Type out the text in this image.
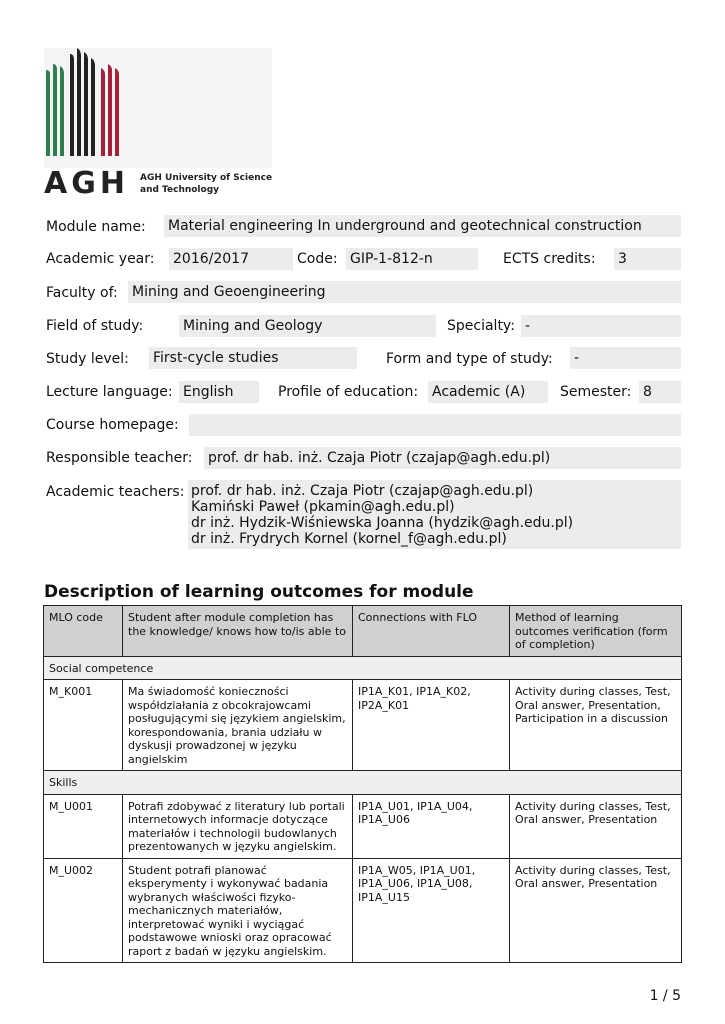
AGH AGH University of Science
and Technology
Module name: Material engineering In underground and geotechnical construction
Academic year: 2016/2017	Code: GIP-1-812-n	ECTS credits: 3
Faculty of: Mining and Geoengineering
Field of study:	Mining and Geology	Specialty: -
Study level: First-cycle studies	Form and type of study: -
Lecture language: English	Profile of education: Academic (A)	Semester: 8
Course homepage:
Responsible teacher: prof. dr hab. inż. Czaja Piotr (czajap@agh.edu.pl)
Academic teachers: prof. dr hab. inż. Czaja Piotr (czajap@agh.edu.pl)
Kamiński Paweł (pkamin@agh.edu.pl)
dr inż. Hydzik-Wiśniewska Joanna (hydzik@agh.edu.pl)
dr inż. Frydrych Kornel (kornel_f@agh.edu.pl)
Description of learning outcomes for module
MLO code	Student after module completion has the knowledge/ knows how to/is able to	Connections with FLO	Method of learning outcomes verification (form of completion)
Social competence			
M_K001	Ma świadomość konieczności współdziałania z obcokrajowcami posługującymi się językiem angielskim, korespondowania, brania udziału w dyskusji prowadzonej w języku angielskim	IP1A_K01, IP1A_K02, IP2A_K01	Activity during classes, Test, Oral answer, Presentation, Participation in a discussion
Skills			
M_U001	Potrafi zdobywać z literatury lub portali internetowych informacje dotyczące materiałów i technologii budowlanych prezentowanych w języku angielskim.	IP1A_U01, IP1A_U04, IP1A_U06	Activity during classes, Test, Oral answer, Presentation
M_U002	Student potrafi planować eksperymenty i wykonywać badania wybranych właściwości fizyko-mechanicznych materiałów, interpretować wyniki i wyciągać podstawowe wnioski oraz opracować raport z badań w języku angielskim.	IP1A_W05, IP1A_U01, IP1A_U06, IP1A_U08, IP1A_U15	Activity during classes, Test, Oral answer, Presentation
1 / 5
